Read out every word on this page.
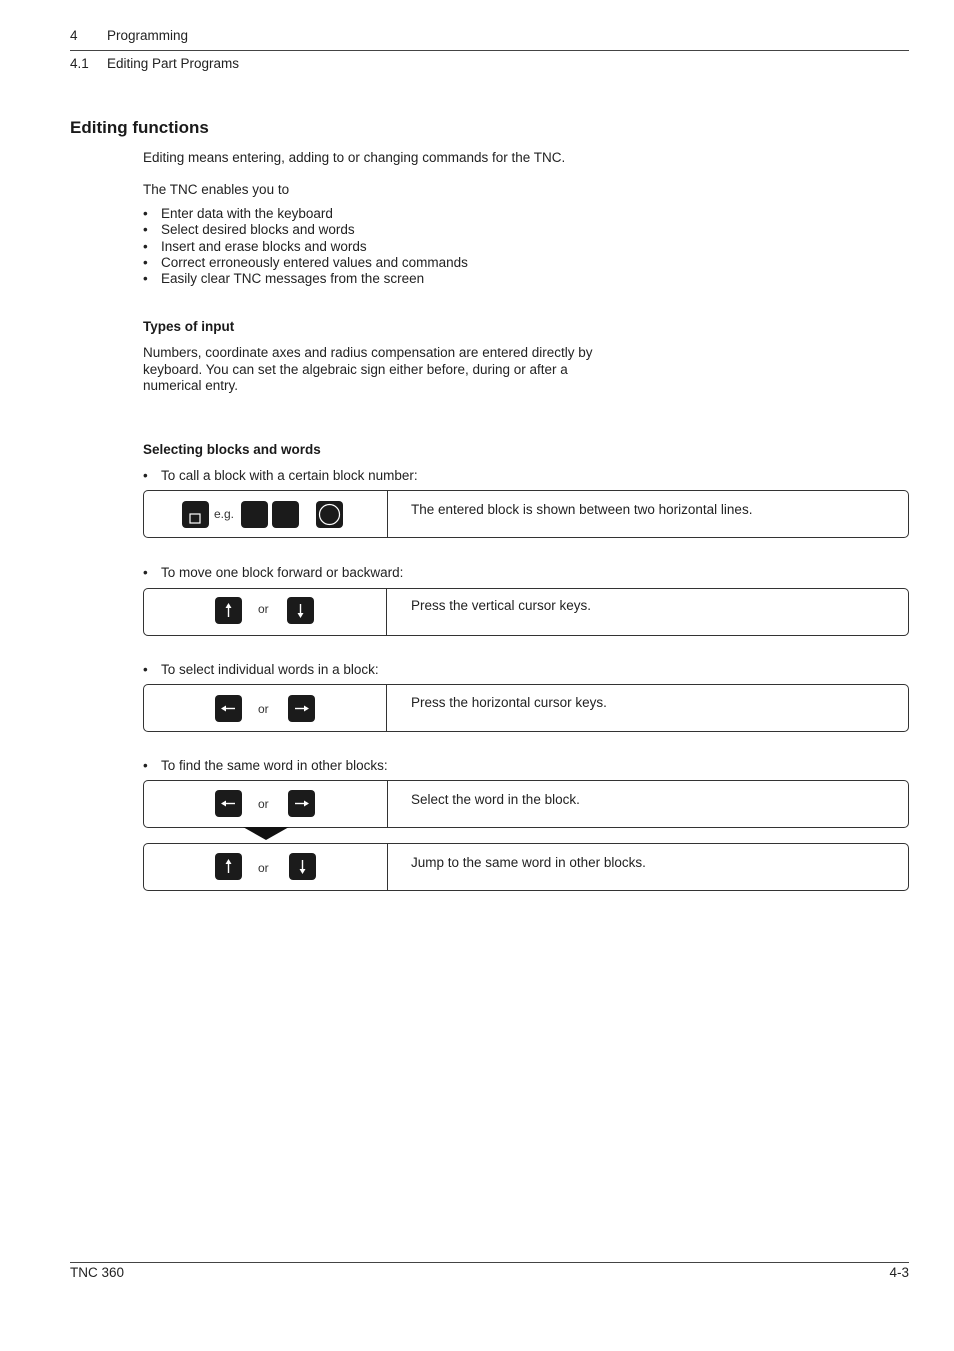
4 Programming
4.1 Editing Part Programs
Editing functions
Editing means entering, adding to or changing commands for the TNC.
The TNC enables you to
• Enter data with the keyboard
• Select desired blocks and words
• Insert and erase blocks and words
• Correct erroneously entered values and commands
• Easily clear TNC messages from the screen
Types of input
Numbers, coordinate axes and radius compensation are entered directly by keyboard. You can set the algebraic sign either before, during or after a numerical entry.
Selecting blocks and words
• To call a block with a certain block number:
e.g.	The entered block is shown between two horizontal lines.
• To move one block forward or backward:
or	Press the vertical cursor keys.
• To select individual words in a block:
or	Press the horizontal cursor keys.
• To find the same word in other blocks:
or	Select the word in the block.
or	Jump to the same word in other blocks.
TNC 360	4-3
